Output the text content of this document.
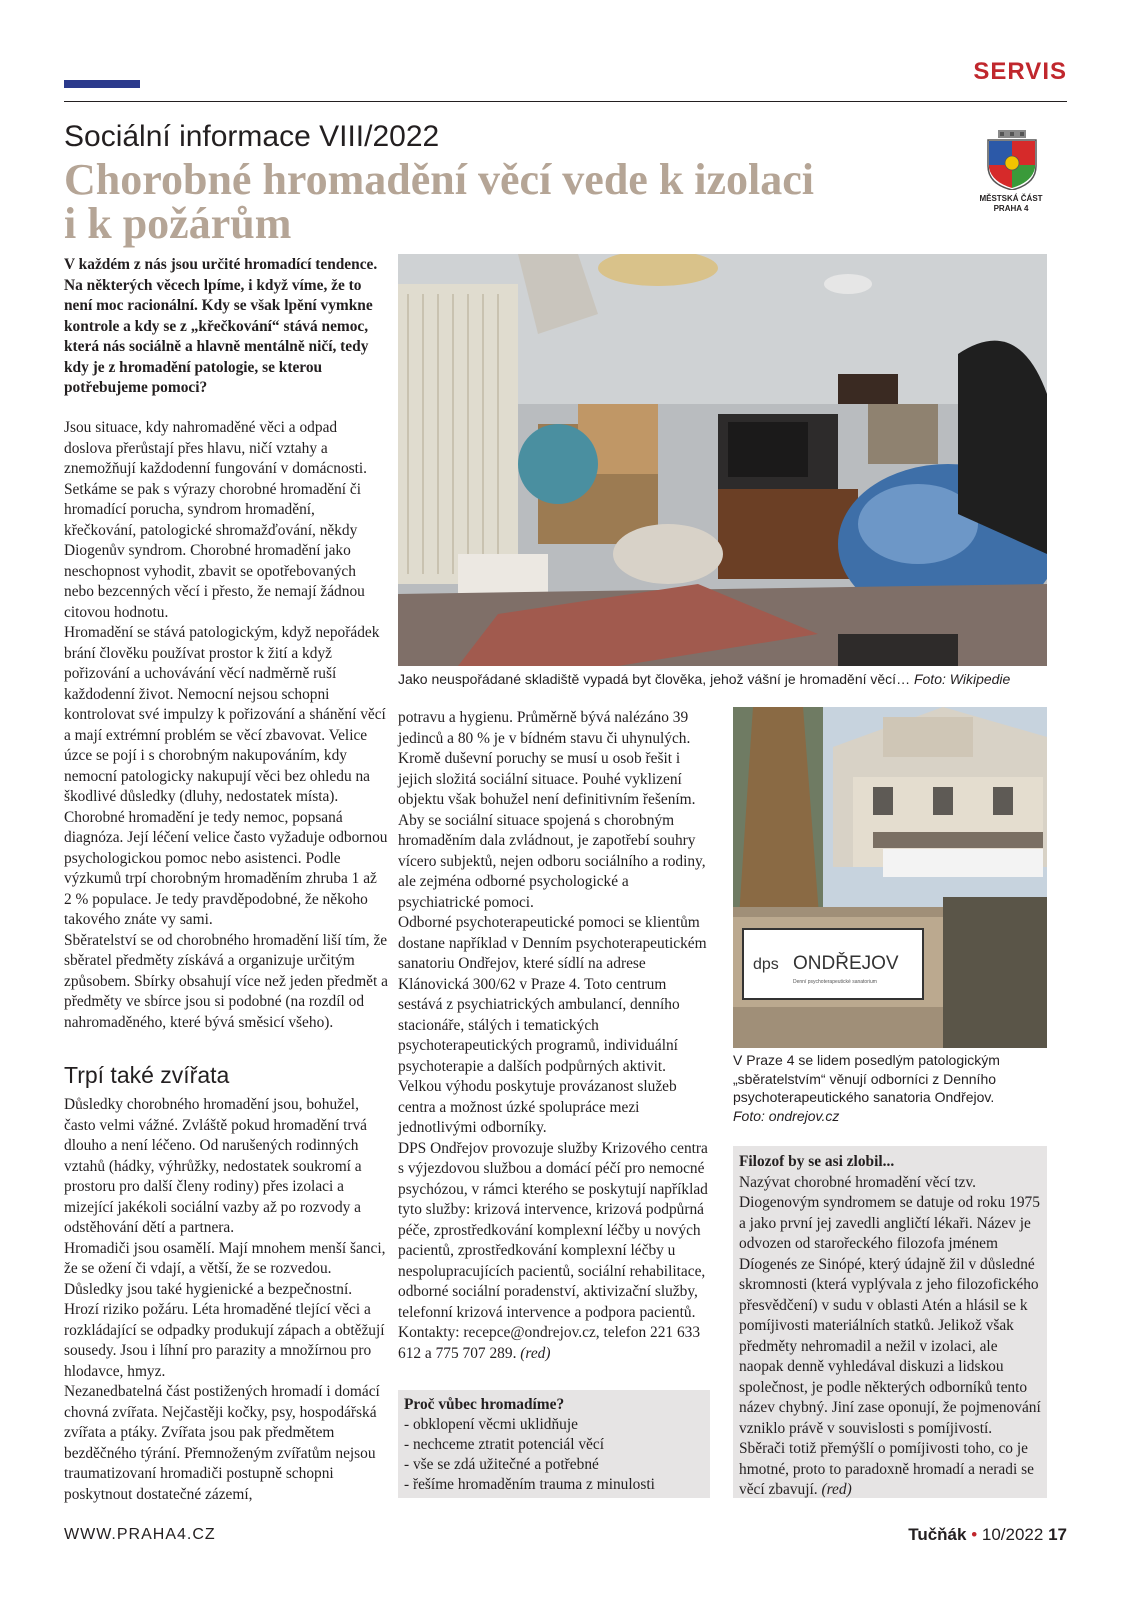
SERVIS
Sociální informace VIII/2022
Chorobné hromadění věcí vede k izolaci i k požárům
MĚSTSKÁ ČÁST
PRAHA 4
V každém z nás jsou určité hromadící tendence. Na některých věcech lpíme, i když víme, že to není moc racionální. Kdy se však lpění vymkne kontrole a kdy se z „křečkování“ stává nemoc, která nás sociálně a hlavně mentálně ničí, tedy kdy je z hromadění patologie, se kterou potřebujeme pomoci?

Jsou situace, kdy nahromaděné věci a odpad doslova přerůstají přes hlavu, ničí vztahy a znemožňují každodenní fungování v domácnosti. Setkáme se pak s výrazy chorobné hromadění či hromadící porucha, syndrom hromadění, křečkování, patologické shromažďování, někdy Diogenův syndrom. Chorobné hromadění jako neschopnost vyhodit, zbavit se opotřebovaných nebo bezcenných věcí i přesto, že nemají žádnou citovou hodnotu.

Hromadění se stává patologickým, když nepořádek brání člověku používat prostor k žití a když pořizování a uchovávání věcí nadměrně ruší každodenní život. Nemocní nejsou schopni kontrolovat své impulzy k pořizování a shánění věcí a mají extrémní problém se věcí zbavovat. Velice úzce se pojí i s chorobným nakupováním, kdy nemocní patologicky nakupují věci bez ohledu na škodlivé důsledky (dluhy, nedostatek místa). Chorobné hromadění je tedy nemoc, popsaná diagnóza. Její léčení velice často vyžaduje odbornou psychologickou pomoc nebo asistenci. Podle výzkumů trpí chorobným hromaděním zhruba 1 až 2 % populace. Je tedy pravděpodobné, že někoho takového znáte vy sami.

Sběratelství se od chorobného hromadění liší tím, že sběratel předměty získává a organizuje určitým způsobem. Sbírky obsahují více než jeden předmět a předměty ve sbírce jsou si podobné (na rozdíl od nahromaděného, které bývá směsicí všeho).

Trpí také zvířata

Důsledky chorobného hromadění jsou, bohužel, často velmi vážné. Zvláště pokud hromadění trvá dlouho a není léčeno. Od narušených rodinných vztahů (hádky, výhrůžky, nedostatek soukromí a prostoru pro další členy rodiny) přes izolaci a mizející jakékoli sociální vazby až po rozvody a odstěhování dětí a partnera.

Hromadiči jsou osamělí. Mají mnohem menší šanci, že se ožení či vdají, a větší, že se rozvedou. Důsledky jsou také hygienické a bezpečnostní. Hrozí riziko požáru. Léta hromaděné tlející věci a rozkládající se odpadky produkují zápach a obtěžují sousedy. Jsou i líhní pro parazity a množírnou pro hlodavce, hmyz.

Nezanedbatelná část postižených hromadí i domácí chovná zvířata. Nejčastěji kočky, psy, hospodářská zvířata a ptáky. Zvířata jsou pak předmětem bezděčného týrání. Přemnoženým zvířatům nejsou traumatizovaní hromadiči postupně schopni poskytnout dostatečné zázemí,

Jako neuspořádané skladiště vypadá byt člověka, jehož vášní je hromadění věcí… Foto: Wikipedie

potravu a hygienu. Průměrně bývá nalézáno 39 jedinců a 80 % je v bídném stavu či uhynulých. Kromě duševní poruchy se musí u osob řešit i jejich složitá sociální situace. Pouhé vyklizení objektu však bohužel není definitivním řešením. Aby se sociální situace spojená s chorobným hromaděním dala zvládnout, je zapotřebí souhry vícero subjektů, nejen odboru sociálního a rodiny, ale zejména odborné psychologické a psychiatrické pomoci.

Odborné psychoterapeutické pomoci se klientům dostane například v Denním psychoterapeutickém sanatoriu Ondřejov, které sídlí na adrese Klánovická 300/62 v Praze 4. Toto centrum sestává z psychiatrických ambulancí, denního stacionáře, stálých i tematických psychoterapeutických programů, individuální psychoterapie a dalších podpůrných aktivit. Velkou výhodu poskytuje provázanost služeb centra a možnost úzké spolupráce mezi jednotlivými odborníky.

DPS Ondřejov provozuje služby Krizového centra s výjezdovou službou a domácí péčí pro nemocné psychózou, v rámci kterého se poskytují například tyto služby: krizová intervence, krizová podpůrná péče, zprostředkování komplexní léčby u nových pacientů, zprostředkování komplexní léčby u nespolupracujících pacientů, sociální rehabilitace, odborné sociální poradenství, aktivizační služby, telefonní krizová intervence a podpora pacientů. Kontakty: recepce@ondrejov.cz, telefon 221 633 612 a 775 707 289. (red)

dps ONDŘEJOV
Denní psychoterapeutické sanatorium
V Praze 4 se lidem posedlým patologickým „sběratelstvím“ věnují odborníci z Denního psychoterapeutického sanatoria Ondřejov.
Foto: ondrejov.cz
Proč vůbec hromadíme?
- obklopení věcmi uklidňuje
- nechceme ztratit potenciál věcí
- vše se zdá užitečné a potřebné
- řešíme hromaděním trauma z minulosti
Filozof by se asi zlobil...
Nazývat chorobné hromadění věcí tzv. Diogenovým syndromem se datuje od roku 1975 a jako první jej zavedli angličtí lékaři. Název je odvozen od starořeckého filozofa jménem Díogenés ze Sinópé, který údajně žil v důsledné skromnosti (která vyplývala z jeho filozofického přesvědčení) v sudu v oblasti Atén a hlásil se k pomíjivosti materiálních statků. Jelikož však předměty nehromadil a nežil v izolaci, ale naopak denně vyhledával diskuzi a lidskou společnost, je podle některých odborníků tento název chybný. Jiní zase oponují, že pojmenování vzniklo právě v souvislosti s pomíjivostí. Sběrači totiž přemýšlí o pomíjivosti toho, co je hmotné, proto to paradoxně hromadí a neradi se věcí zbavují. (red)
WWW.PRAHA4.CZ	Tučňák • 10/2022 17
